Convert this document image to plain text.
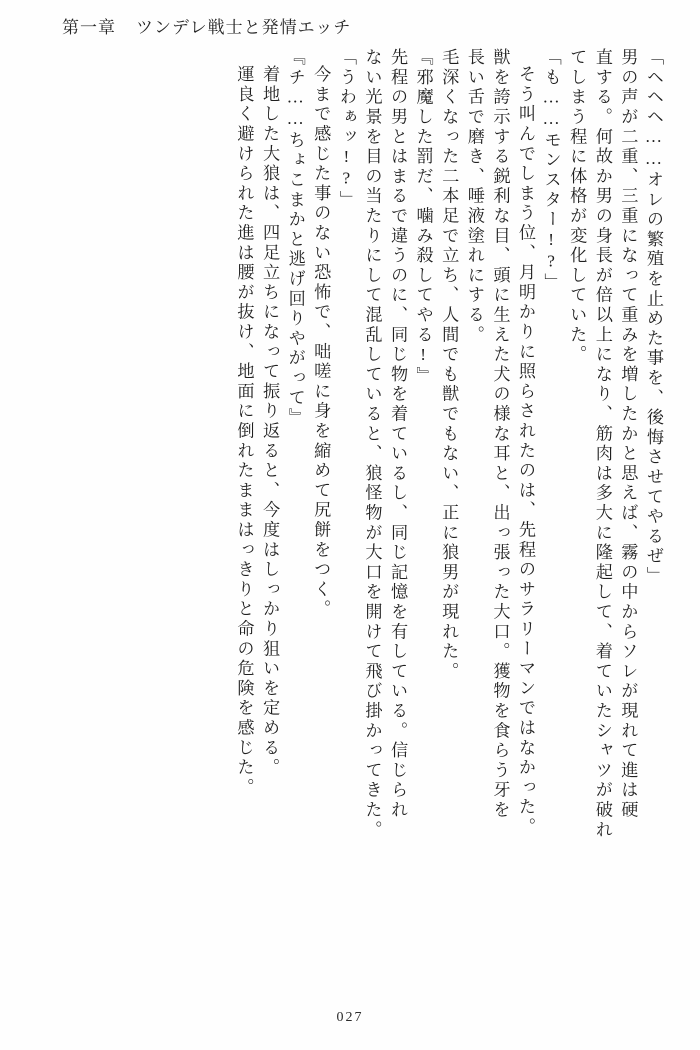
第一章 ツンデレ戦士と発情エッチ
「ヘヘヘ……オレの繁殖を止めた事を、後悔させてやるぜ」
男の声が二重、三重になって重みを増したかと思えば、霧の中からソレが現れて進は硬
直する。何故か男の身長が倍以上になり、筋肉は多大に隆起して、着ていたシャツが破れ
てしまう程に体格が変化していた。
「も……モンスター!?」
そう叫んでしまう位、月明かりに照らされたのは、先程のサラリーマンではなかった。
獣を誇示する鋭利な目、頭に生えた犬の様な耳と、出っ張った大口。獲物を食らう牙を
長い舌で磨き、唾液塗れにする。
毛深くなった二本足で立ち、人間でも獣でもない、正に狼男が現れた。
『邪魔した罰だ、噛み殺してやる!』
先程の男とはまるで違うのに、同じ物を着ているし、同じ記憶を有している。信じられ
ない光景を目の当たりにして混乱していると、狼怪物が大口を開けて飛び掛かってきた。
「うわぁッ!?」
今まで感じた事のない恐怖で、咄嗟に身を縮めて尻餅をつく。
『チ……ちょこまかと逃げ回りやがって』
着地した大狼は、四足立ちになって振り返ると、今度はしっかり狙いを定める。
運良く避けられた進は腰が抜け、地面に倒れたままはっきりと命の危険を感じた。
027
